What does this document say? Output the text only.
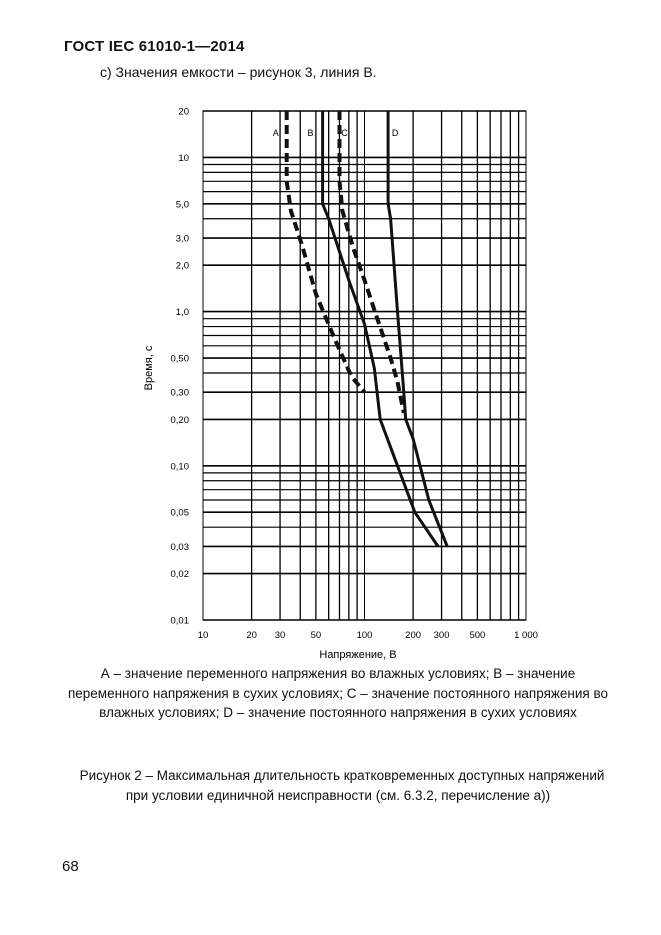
ГОСТ IEC 61010-1—2014
с) Значения емкости – рисунок 3, линия В.
A	B	C	D
10	20 30	50	100	200 300 500	1 000
20
10
5,0
3,0
2,0
1,0
0,50
0,30
0,20
0,10
0,05
0,03
0,02
0,01
Напряжение, В
Время, с
А – значение переменного напряжения во влажных условиях; В – значение переменного напряжения в сухих условиях; С – значение постоянного напряжения во влажных условиях; D – значение постоянного напряжения в сухих условиях
Рисунок 2 – Максимальная длительность кратковременных доступных напряжений при условии единичной неисправности (см. 6.3.2, перечисление а))
68
